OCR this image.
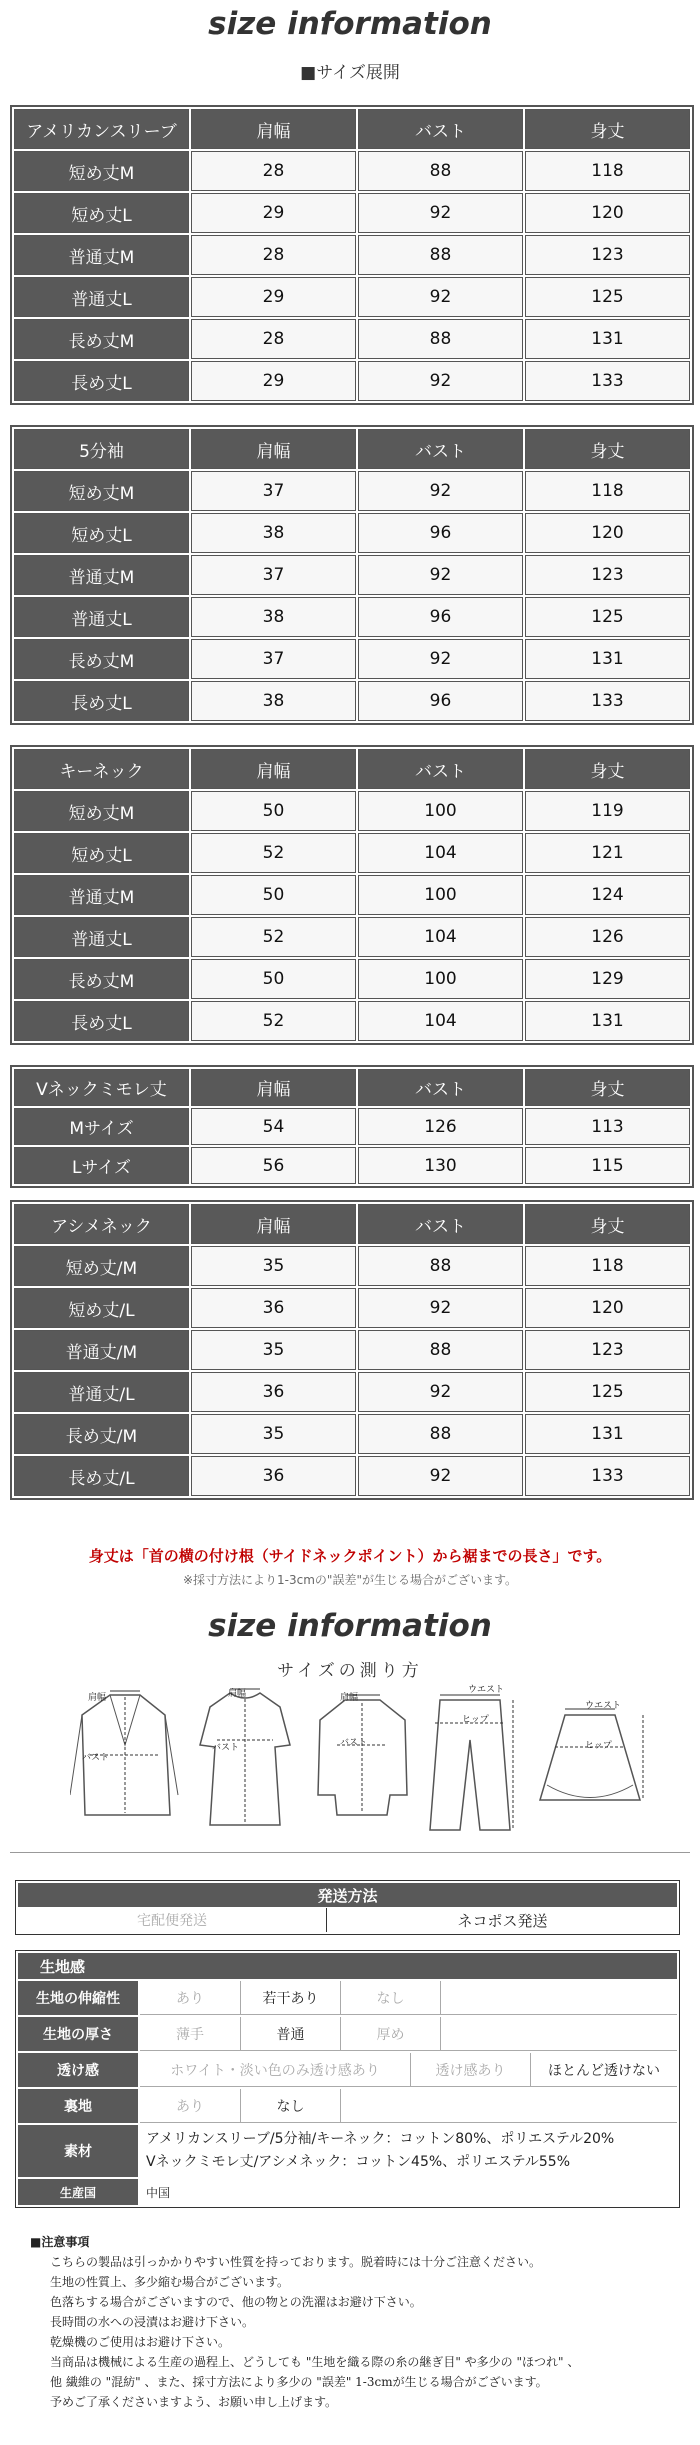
size information
■サイズ展開
アメリカンスリーブ	肩幅	バスト	身丈
短め丈M	28	88	118
短め丈L	29	92	120
普通丈M	28	88	123
普通丈L	29	92	125
長め丈M	28	88	131
長め丈L	29	92	133
5分袖	肩幅	バスト	身丈
短め丈M	37	92	118
短め丈L	38	96	120
普通丈M	37	92	123
普通丈L	38	96	125
長め丈M	37	92	131
長め丈L	38	96	133
キーネック	肩幅	バスト	身丈
短め丈M	50	100	119
短め丈L	52	104	121
普通丈M	50	100	124
普通丈L	52	104	126
長め丈M	50	100	129
長め丈L	52	104	131
Vネックミモレ丈	肩幅	バスト	身丈
Mサイズ	54	126	113
Lサイズ	56	130	115
アシメネック	肩幅	バスト	身丈
短め丈/M	35	88	118
短め丈/L	36	92	120
普通丈/M	35	88	123
普通丈/L	36	92	125
長め丈/M	35	88	131
長め丈/L	36	92	133
身丈は「首の横の付け根（サイドネックポイント）から裾までの長さ」です。
※採寸方法により1-3cmの"誤差"が生じる場合がございます。
size information
サイズの測り方
肩幅
バスト
肩幅
バスト
肩幅
バスト
ウエスト
ヒップ
ウエスト
ヒップ
発送方法
宅配便発送	ネコポス発送
生地感
生地の伸縮性	あり	若干あり	なし
生地の厚さ	薄手	普通	厚め
透け感	ホワイト・淡い色のみ透け感あり	透け感あり	ほとんど透けない
裏地	あり	なし
素材
アメリカンスリーブ/5分袖/キーネック：コットン80%、ポリエステル20%
Vネックミモレ丈/アシメネック：コットン45%、ポリエステル55%
生産国	中国
■注意事項
こちらの製品は引っかかりやすい性質を持っております。脱着時には十分ご注意ください。
生地の性質上、多少縮む場合がございます。
色落ちする場合がございますので、他の物との洗濯はお避け下さい。
長時間の水への浸漬はお避け下さい。
乾燥機のご使用はお避け下さい。
当商品は機械による生産の過程上、どうしても "生地を織る際の糸の継ぎ目" や多少の "ほつれ" 、
他 繊維の "混紡" 、また、採寸方法により多少の "誤差" 1-3cmが生じる場合がございます。
予めご了承くださいますよう、お願い申し上げます。
